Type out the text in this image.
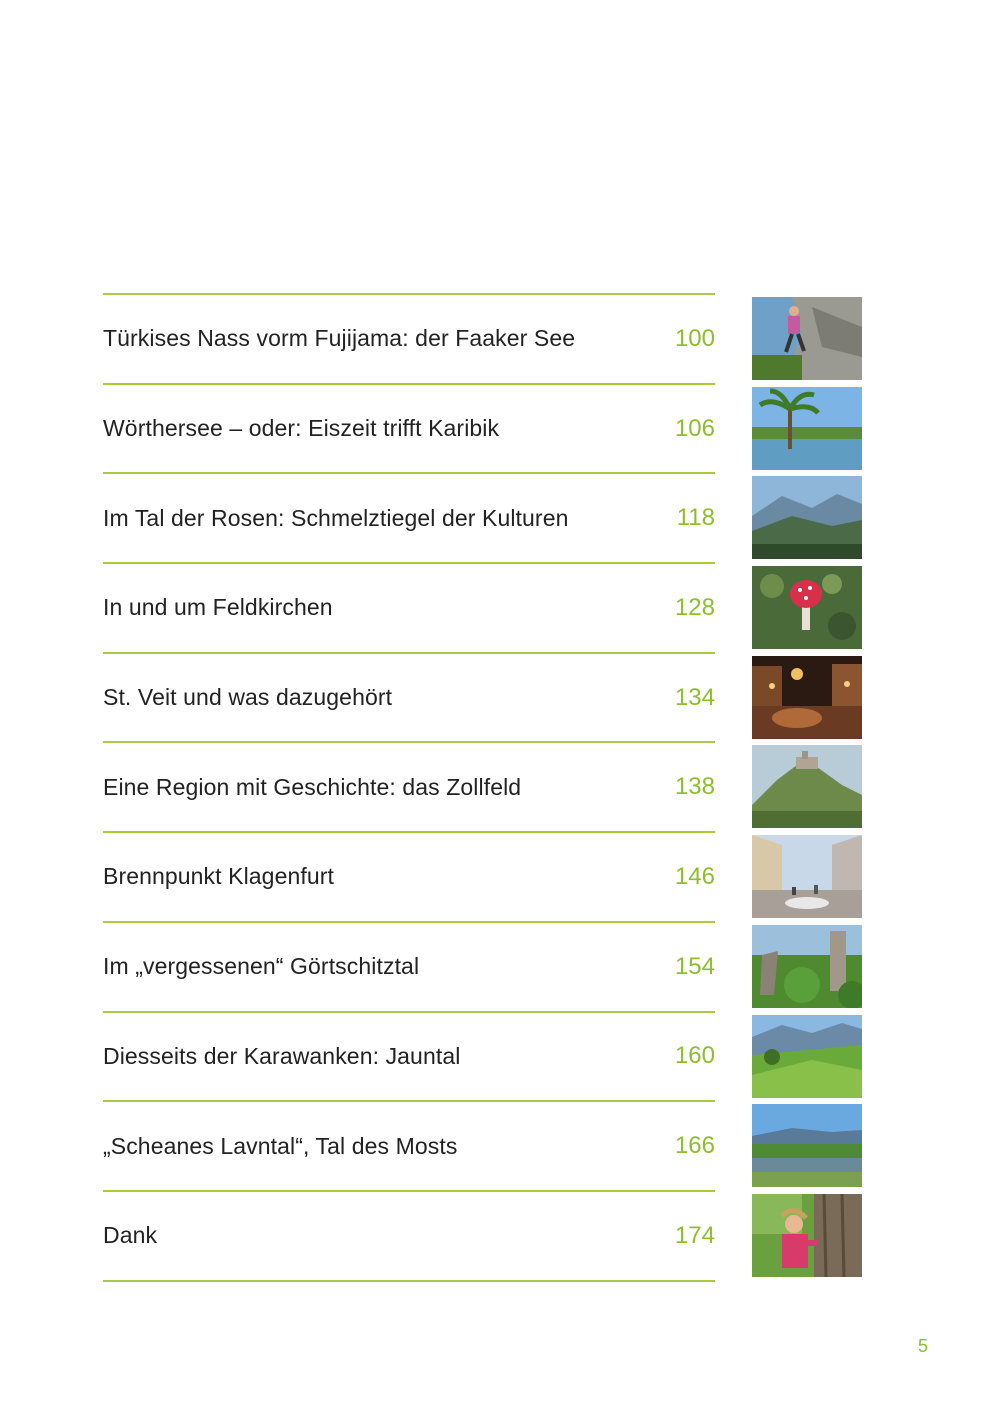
Türkises Nass vorm Fujijama: der Faaker See	100
Wörthersee – oder: Eiszeit trifft Karibik	106
Im Tal der Rosen: Schmelztiegel der Kulturen	118
In und um Feldkirchen	128
St. Veit und was dazugehört	134
Eine Region mit Geschichte: das Zollfeld	138
Brennpunkt Klagenfurt	146
Im „vergessenen“ Görtschitztal	154
Diesseits der Karawanken: Jauntal	160
„Scheanes Lavntal“, Tal des Mosts	166
Dank	174
5
